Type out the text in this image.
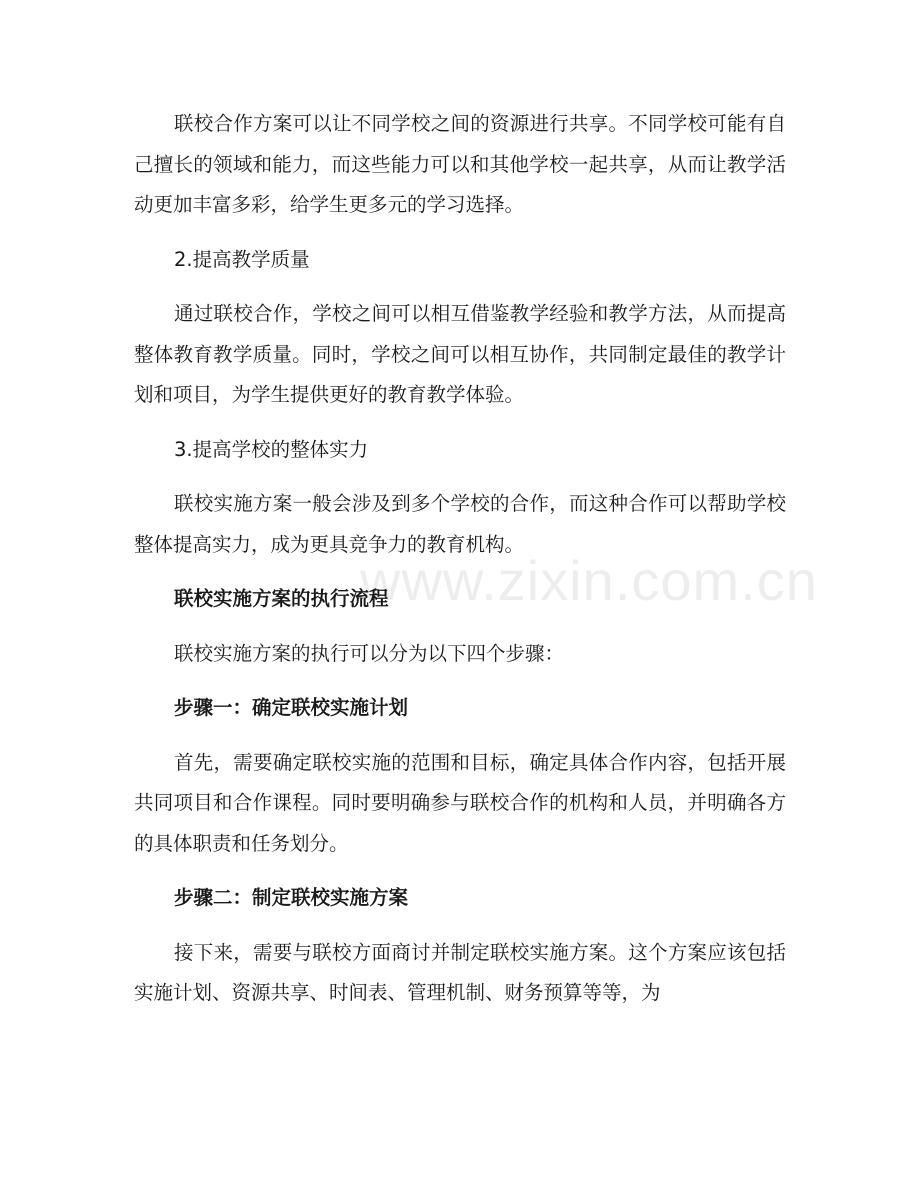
联校合作方案可以让不同学校之间的资源进行共享。不同学校可能有自己擅长的领域和能力，而这些能力可以和其他学校一起共享，从而让教学活动更加丰富多彩，给学生更多元的学习选择。

2.提高教学质量

通过联校合作，学校之间可以相互借鉴教学经验和教学方法，从而提高整体教育教学质量。同时，学校之间可以相互协作，共同制定最佳的教学计划和项目，为学生提供更好的教育教学体验。

3.提高学校的整体实力

联校实施方案一般会涉及到多个学校的合作，而这种合作可以帮助学校整体提高实力，成为更具竞争力的教育机构。

联校实施方案的执行流程

联校实施方案的执行可以分为以下四个步骤：

步骤一：确定联校实施计划

首先，需要确定联校实施的范围和目标，确定具体合作内容，包括开展共同项目和合作课程。同时要明确参与联校合作的机构和人员，并明确各方的具体职责和任务划分。

步骤二：制定联校实施方案

接下来，需要与联校方面商讨并制定联校实施方案。这个方案应该包括实施计划、资源共享、时间表、管理机制、财务预算等等，为

www.zixin.com.cn
